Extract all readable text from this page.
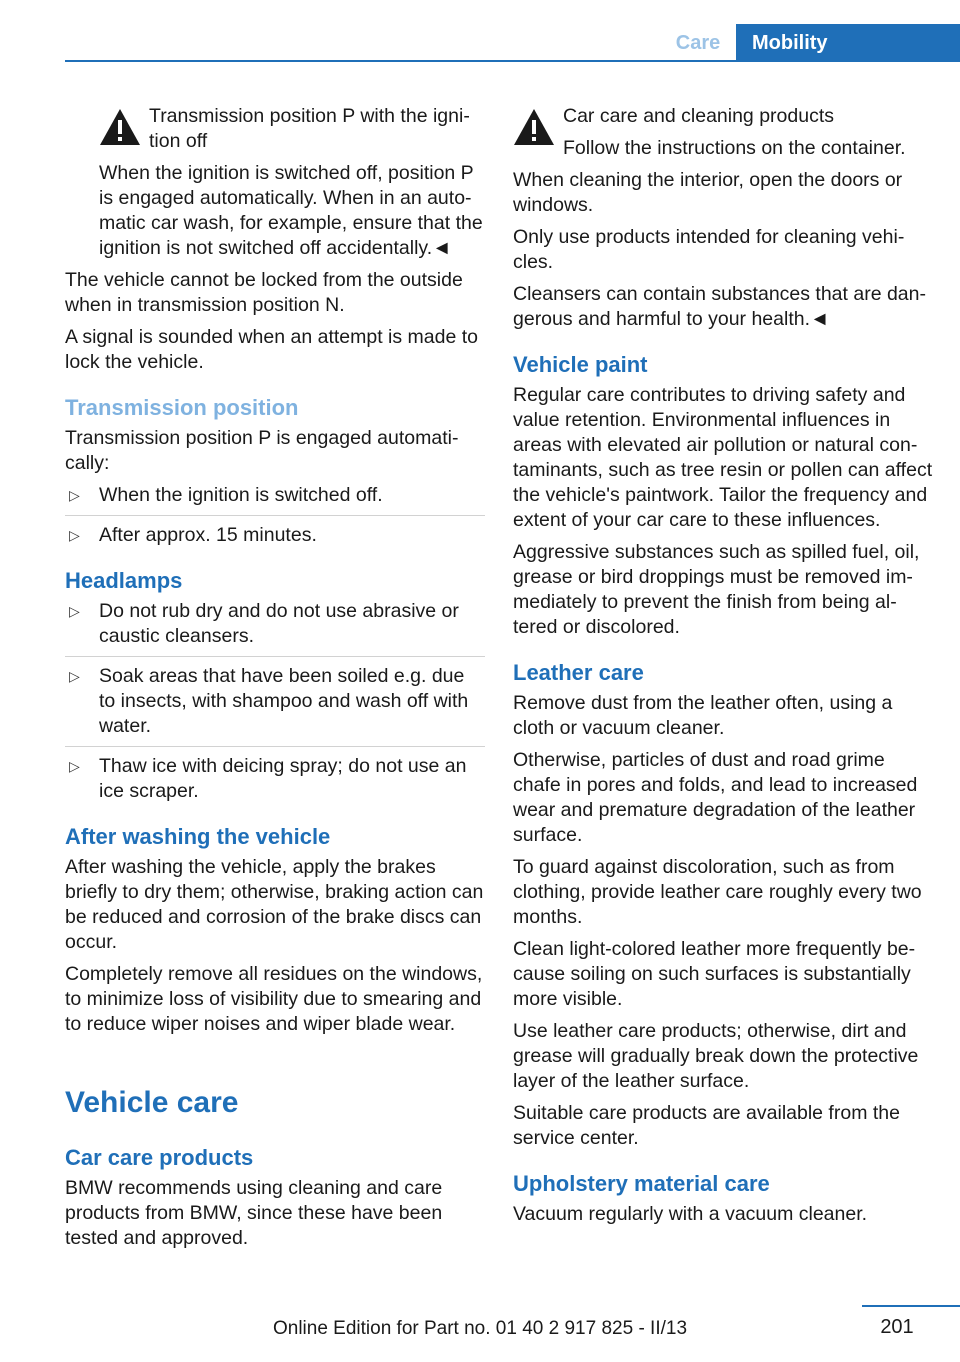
Care	Mobility

Transmission position P with the igni-tion off

When the ignition is switched off, position P is engaged automatically. When in an auto-matic car wash, for example, ensure that the ignition is not switched off accidentally.◄

The vehicle cannot be locked from the outside when in transmission position N.

A signal is sounded when an attempt is made to lock the vehicle.

Transmission position

Transmission position P is engaged automati-cally:

▷ When the ignition is switched off.
▷ After approx. 15 minutes.
Headlamps
▷ Do not rub dry and do not use abrasive or caustic cleansers.
▷ Soak areas that have been soiled e.g. due to insects, with shampoo and wash off with water.
▷ Thaw ice with deicing spray; do not use an ice scraper.
After washing the vehicle

After washing the vehicle, apply the brakes briefly to dry them; otherwise, braking action can be reduced and corrosion of the brake discs can occur.

Completely remove all residues on the windows, to minimize loss of visibility due to smearing and to reduce wiper noises and wiper blade wear.

Vehicle care
Car care products

BMW recommends using cleaning and care products from BMW, since these have been tested and approved.

Car care and cleaning products

Follow the instructions on the container.

When cleaning the interior, open the doors or windows.

Only use products intended for cleaning vehi-cles.

Cleansers can contain substances that are dan-gerous and harmful to your health.◄

Vehicle paint

Regular care contributes to driving safety and value retention. Environmental influences in areas with elevated air pollution or natural con-taminants, such as tree resin or pollen can affect the vehicle's paintwork. Tailor the frequency and extent of your car care to these influences.

Aggressive substances such as spilled fuel, oil, grease or bird droppings must be removed im-mediately to prevent the finish from being al-tered or discolored.

Leather care

Remove dust from the leather often, using a cloth or vacuum cleaner.

Otherwise, particles of dust and road grime chafe in pores and folds, and lead to increased wear and premature degradation of the leather surface.

To guard against discoloration, such as from clothing, provide leather care roughly every two months.

Clean light-colored leather more frequently be-cause soiling on such surfaces is substantially more visible.

Use leather care products; otherwise, dirt and grease will gradually break down the protective layer of the leather surface.

Suitable care products are available from the service center.

Upholstery material care

Vacuum regularly with a vacuum cleaner.

201
Online Edition for Part no. 01 40 2 917 825 - II/13
